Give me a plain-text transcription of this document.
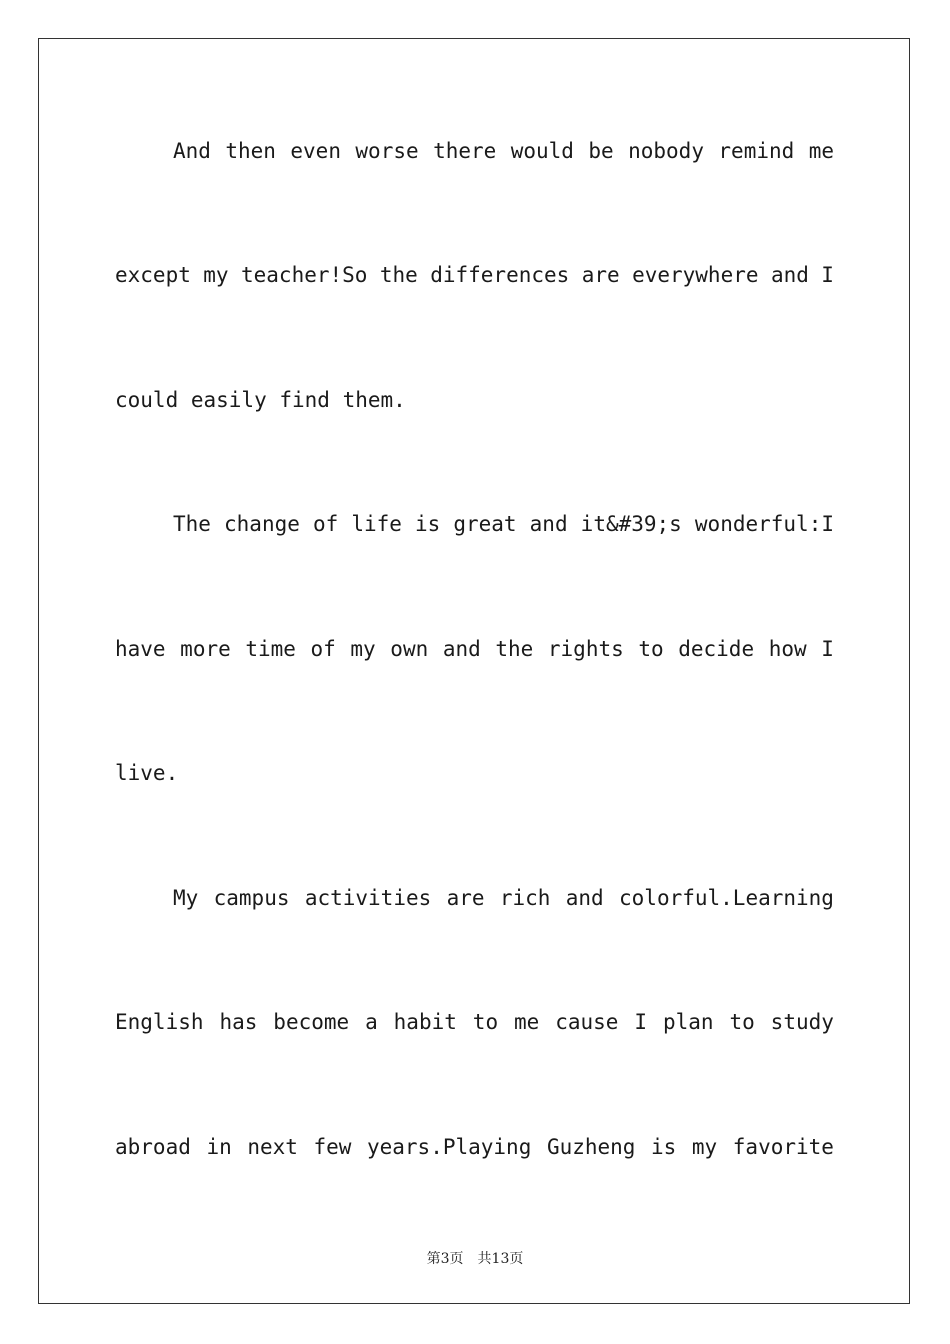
And then even worse there would be nobody remind me
except my teacher!So the differences are everywhere and I
could easily find them.
The change of life is great and it&#39;s wonderful:I
have more time of my own and the rights to decide how I
live.
My campus activities are rich and colorful.Learning
English has become a habit to me cause I plan to study
abroad in next few years.Playing Guzheng is my favorite
第3页 共13页
